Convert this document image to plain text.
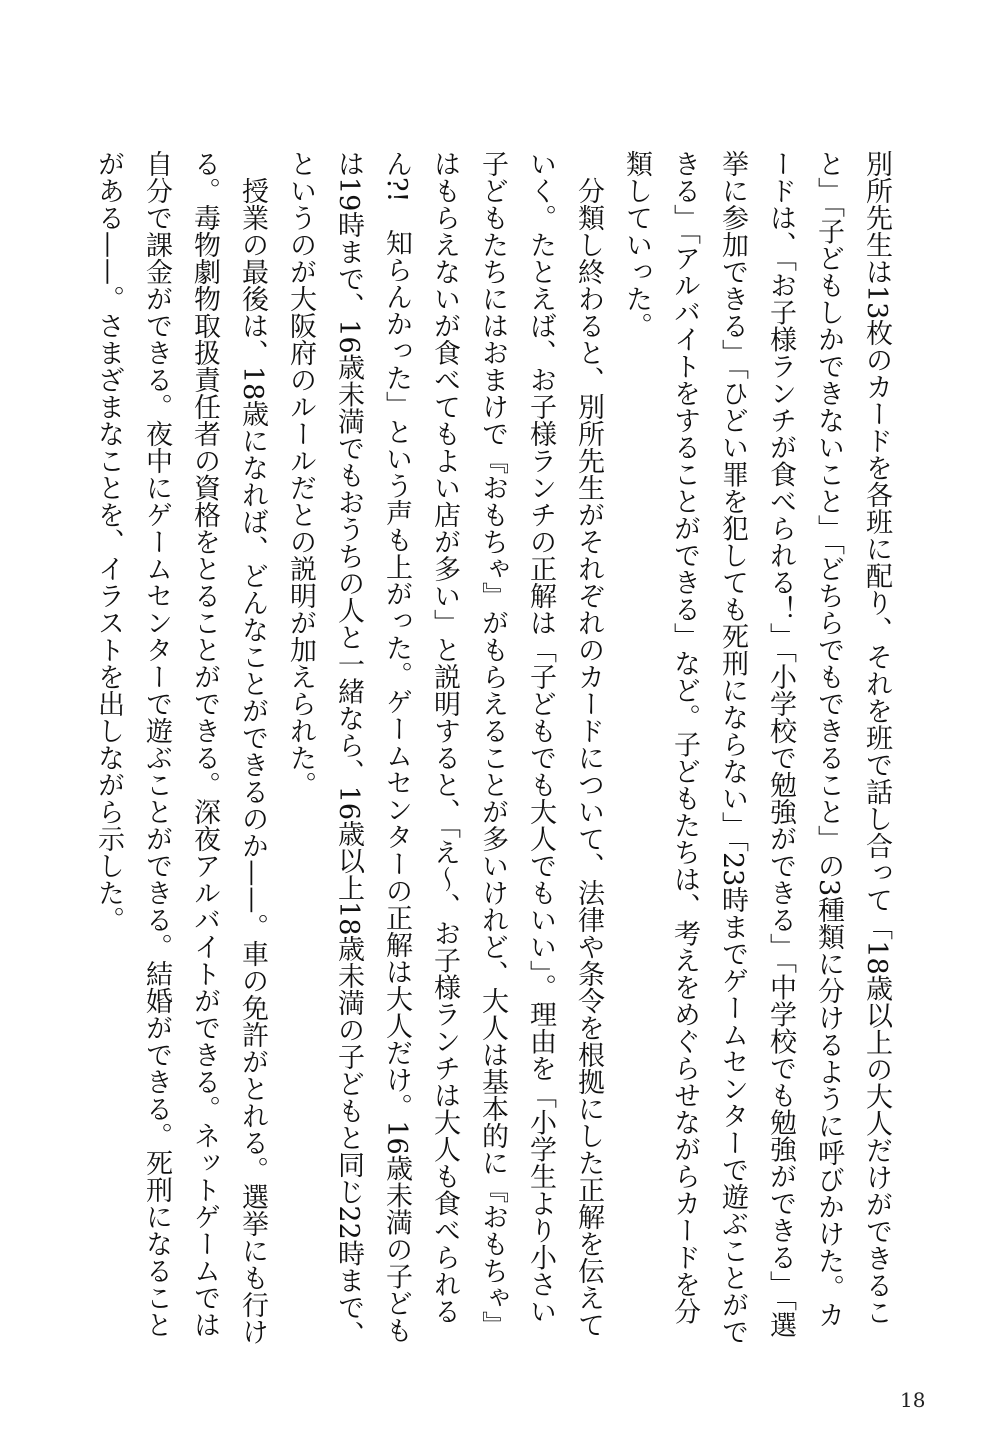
別所先生は13枚のカードを各班に配り、それを班で話し合って「18歳以上の大人だけができること」「子どもしかできないこと」「どちらでもできること」の3種類に分けるように呼びかけた。カードは、「お子様ランチが食べられる！」「小学校で勉強ができる」「中学校でも勉強ができる」「選挙に参加できる」「ひどい罪を犯しても死刑にならない」「23時までゲームセンターで遊ぶことができる」「アルバイトをすることができる」など。子どもたちは、考えをめぐらせながらカードを分類していった。

分類し終わると、別所先生がそれぞれのカードについて、法律や条令を根拠にした正解を伝えていく。たとえば、お子様ランチの正解は「子どもでも大人でもいい」。理由を「小学生より小さい子どもたちにはおまけで『おもちゃ』がもらえることが多いけれど、大人は基本的に『おもちゃ』はもらえないが食べてもよい店が多い」と説明すると、「え〜、お子様ランチは大人も食べられるん?!　知らんかった」という声も上がった。ゲームセンターの正解は大人だけ。16歳未満の子どもは19時まで、16歳未満でもおうちの人と一緒なら、16歳以上18歳未満の子どもと同じ22時まで、というのが大阪府のルールだとの説明が加えられた。

授業の最後は、18歳になれば、どんなことができるのか——。車の免許がとれる。選挙にも行ける。毒物劇物取扱責任者の資格をとることができる。深夜アルバイトができる。ネットゲームでは自分で課金ができる。夜中にゲームセンターで遊ぶことができる。結婚ができる。死刑になることがある——。さまざまなことを、イラストを出しながら示した。

18
